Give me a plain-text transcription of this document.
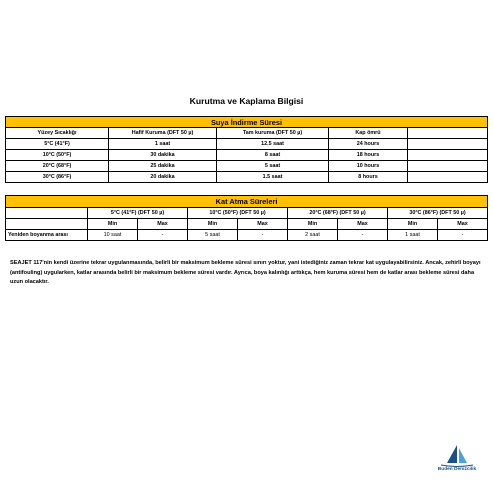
Kurutma ve Kaplama Bilgisi
Suya İndirme Süresi				
Yüzey Sıcaklığı	Hafif Kuruma (DFT 50 µ)	Tam kuruma (DFT 50 µ)	Kap ömrü	
5°C (41°F)	1 saat	12.5 saat	24 hours	
10°C (50°F)	30 dakika	8 saat	18 hours	
20°C (68°F)	25 dakika	5 saat	10 hours	
30°C (86°F)	20 dakika	1.5 saat	8 hours	
Kat Atma Süreleri								
	5°C (41°F) (DFT 50 µ)		10°C (50°F) (DFT 50 µ)		20°C (68°F) (DFT 50 µ)		30°C (86°F) (DFT 50 µ)	
	Min	Max	Min	Max	Min	Max	Min	Max
Yeniden boyanma arası	10 saat	-	5 saat	-	2 saat	-	1 saat	-
SEAJET 117'nin kendi üzerine tekrar uygulanmasında, belirli bir maksimum bekleme süresi sınırı yoktur, yani istediğiniz zaman tekrar kat uygulayabilirsiniz. Ancak, zehirli boyayı (antifouling) uygularken, katlar arasında belirli bir maksimum bekleme süresi vardır. Ayrıca, boya kalınlığı arttıkça, hem kuruma süresi hem de katlar arası bekleme süresi daha uzun olacaktır.
Buden Denizcilik
